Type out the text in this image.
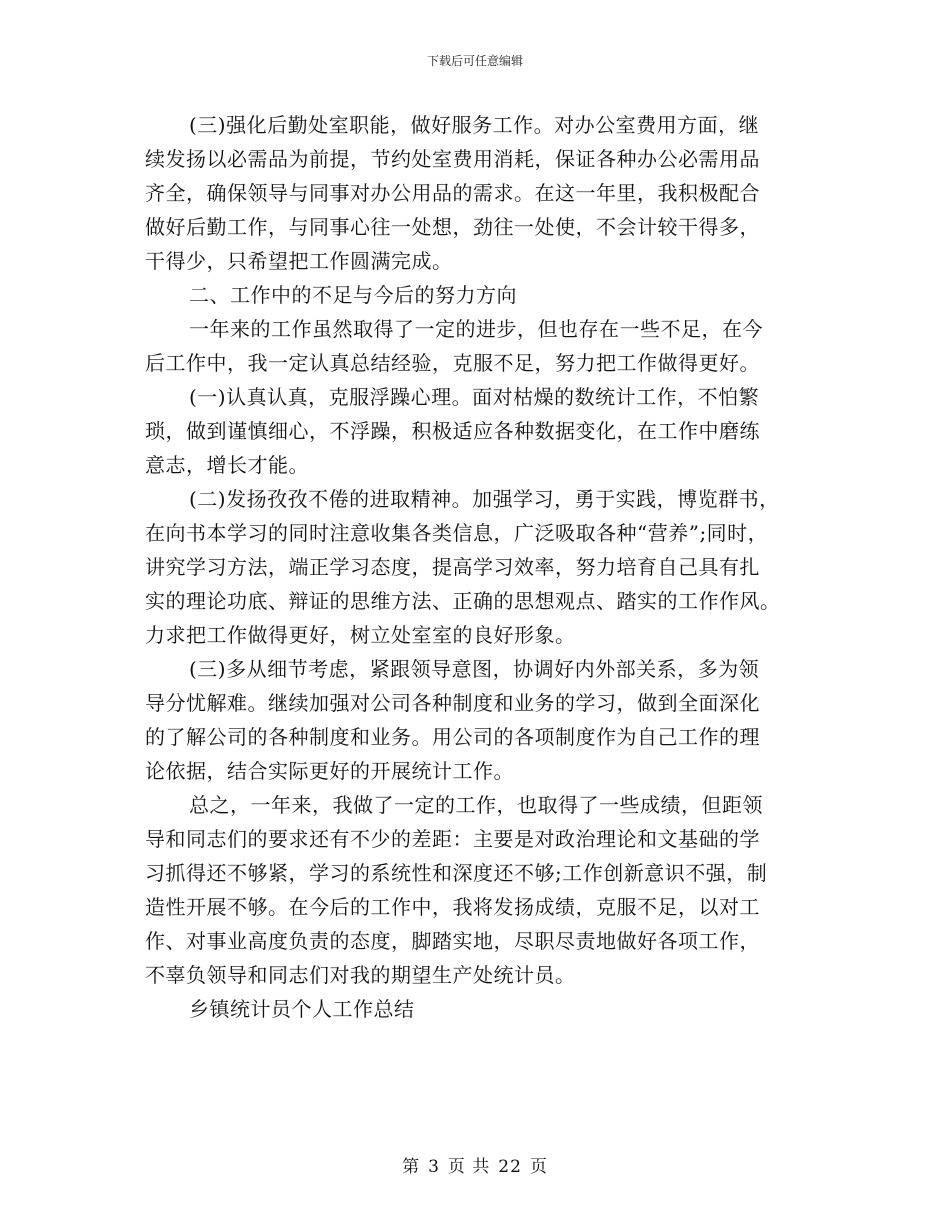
下载后可任意编辑
(三)强化后勤处室职能，做好服务工作。对办公室费用方面，继
续发扬以必需品为前提，节约处室费用消耗，保证各种办公必需用品
齐全，确保领导与同事对办公用品的需求。在这一年里，我积极配合
做好后勤工作，与同事心往一处想，劲往一处使，不会计较干得多，
干得少，只希望把工作圆满完成。
二、工作中的不足与今后的努力方向
一年来的工作虽然取得了一定的进步，但也存在一些不足，在今
后工作中，我一定认真总结经验，克服不足，努力把工作做得更好。
(一)认真认真，克服浮躁心理。面对枯燥的数统计工作，不怕繁
琐，做到谨慎细心，不浮躁，积极适应各种数据变化，在工作中磨练
意志，增长才能。
(二)发扬孜孜不倦的进取精神。加强学习，勇于实践，博览群书，
在向书本学习的同时注意收集各类信息，广泛吸取各种“营养”;同时，
讲究学习方法，端正学习态度，提高学习效率，努力培育自己具有扎
实的理论功底、辩证的思维方法、正确的思想观点、踏实的工作作风。
力求把工作做得更好，树立处室室的良好形象。
(三)多从细节考虑，紧跟领导意图，协调好内外部关系，多为领
导分忧解难。继续加强对公司各种制度和业务的学习，做到全面深化
的了解公司的各种制度和业务。用公司的各项制度作为自己工作的理
论依据，结合实际更好的开展统计工作。
总之，一年来，我做了一定的工作，也取得了一些成绩，但距领
导和同志们的要求还有不少的差距：主要是对政治理论和文基础的学
习抓得还不够紧，学习的系统性和深度还不够;工作创新意识不强，制
造性开展不够。在今后的工作中，我将发扬成绩，克服不足，以对工
作、对事业高度负责的态度，脚踏实地，尽职尽责地做好各项工作，
不辜负领导和同志们对我的期望生产处统计员。
乡镇统计员个人工作总结
第 3 页 共 22 页
